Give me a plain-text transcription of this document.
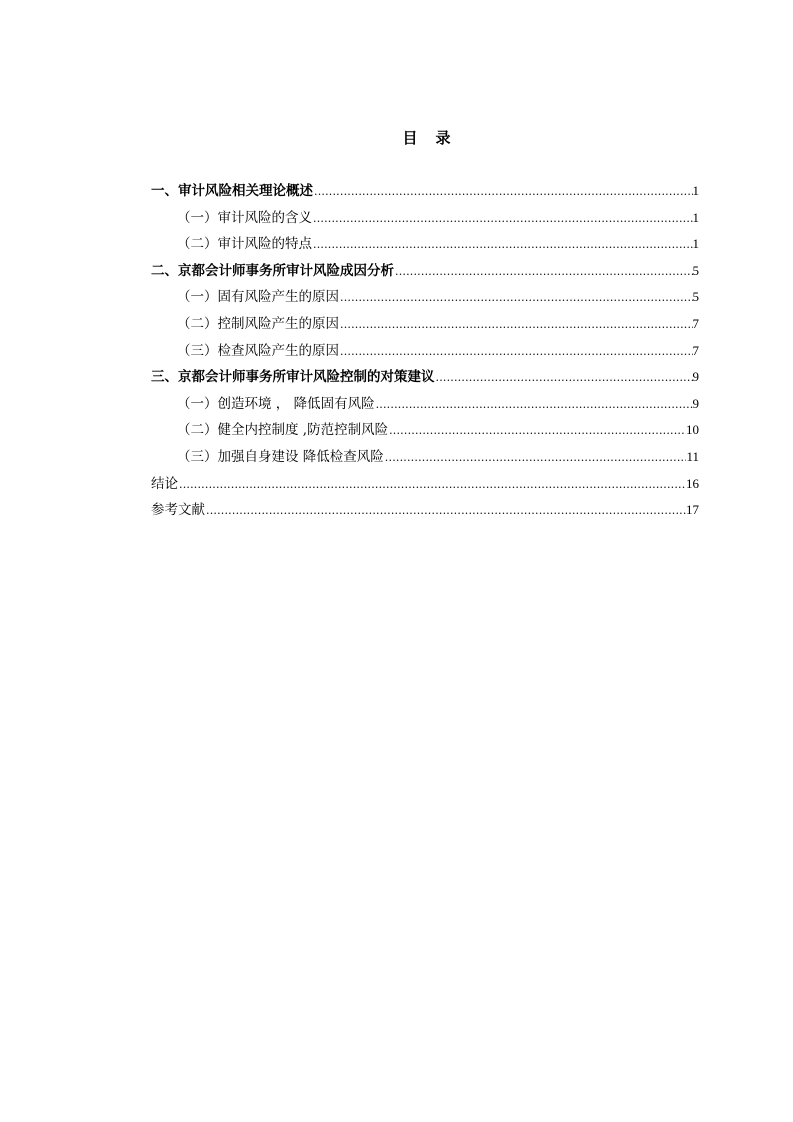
目 录
一、审计风险相关理论概述 .....	1
（一）审计风险的含义 .....	1
（二）审计风险的特点 .....	1
二、京都会计师事务所审计风险成因分析 .....	5
（一）固有风险产生的原因 .....	5
（二）控制风险产生的原因 .....	7
（三）检查风险产生的原因 .....	7
三、京都会计师事务所审计风险控制的对策建议 .....	9
（一）创造环境 ， 降低固有风险 .....	9
（二）健全内控制度 ,防范控制风险 .....	10
（三）加强自身建设 降低检查风险 .....	11
结论 .....	16
参考文献 .....	17
